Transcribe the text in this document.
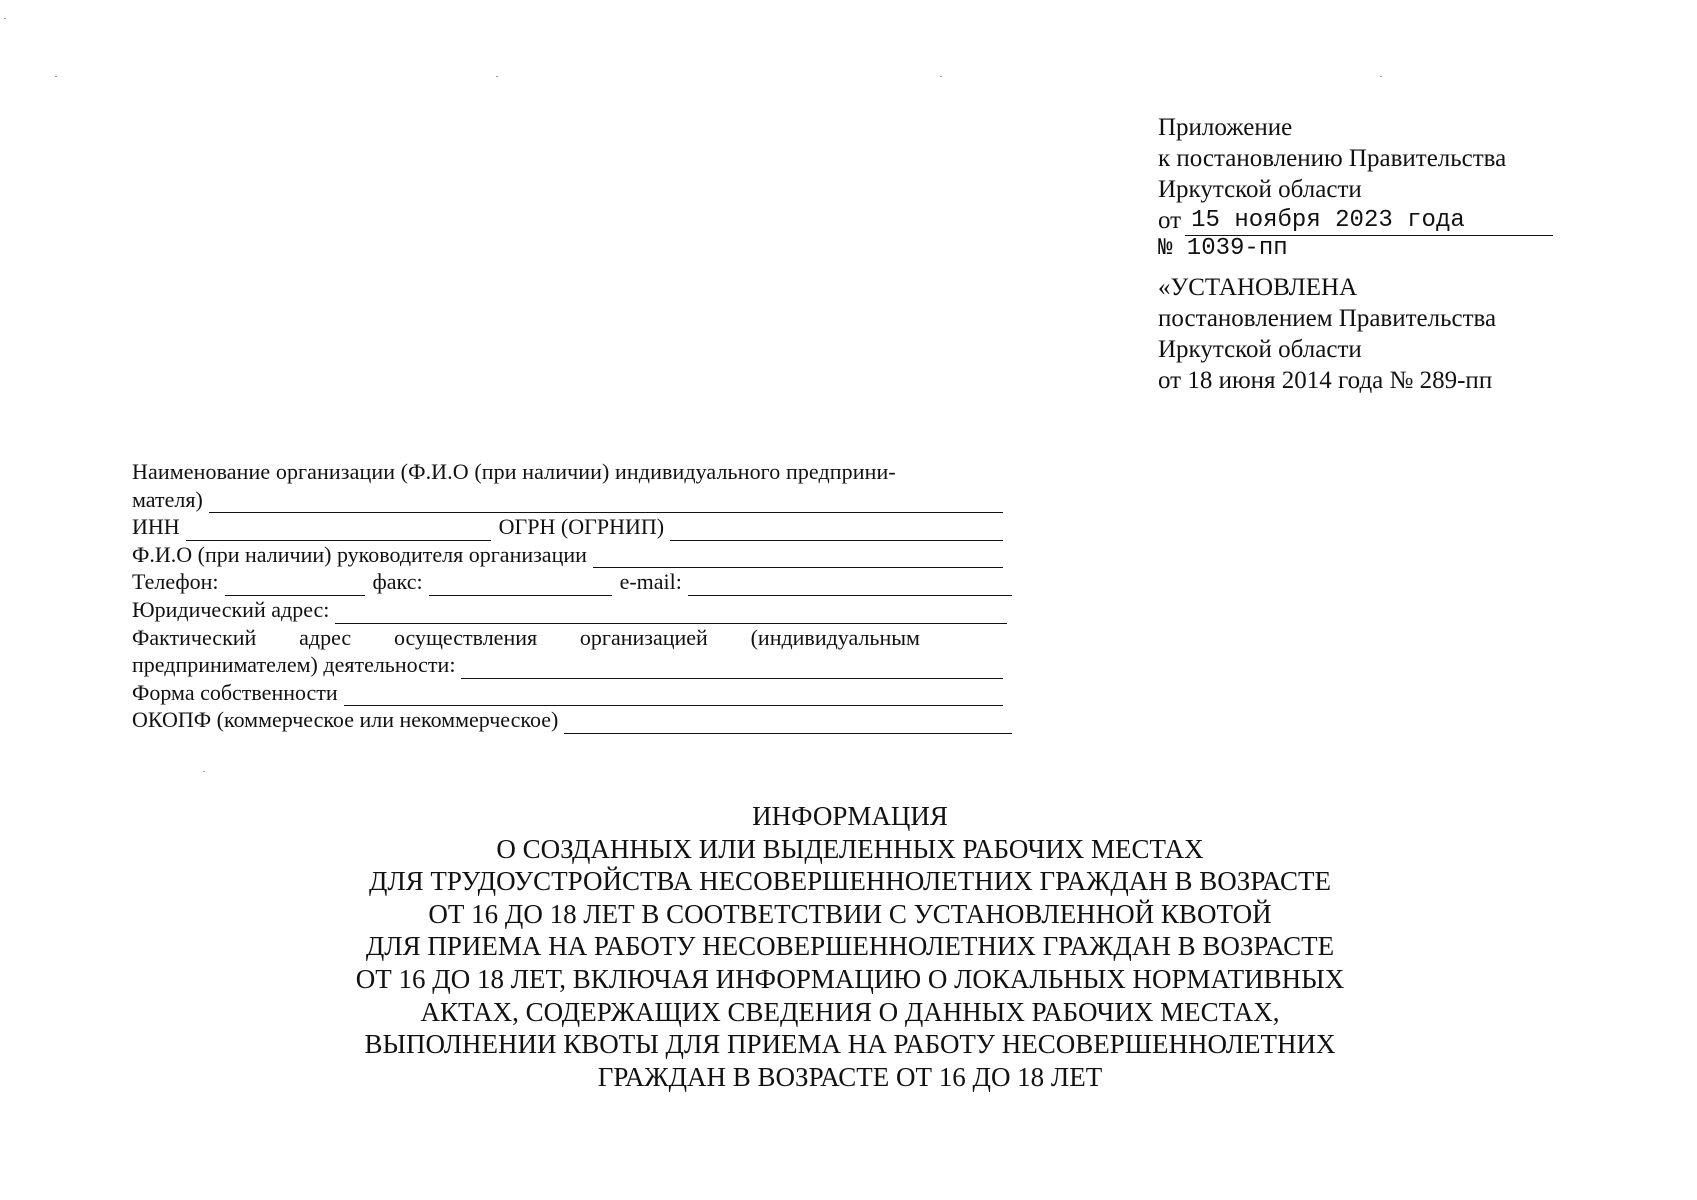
Приложение
к постановлению Правительства
Иркутской области
от 15 ноября 2023 года
№ 1039-пп
«УСТАНОВЛЕНА
постановлением Правительства
Иркутской области
от 18 июня 2014 года № 289-пп
Наименование организации (Ф.И.О (при наличии) индивидуального предприни-
мателя)
ИНН	ОГРН (ОГРНИП)
Ф.И.О (при наличии) руководителя организации
Телефон:	факс:	e-mail:
Юридический адрес:
Фактический адрес осуществления организацией (индивидуальным
предпринимателем) деятельности:
Форма собственности
ОКОПФ (коммерческое или некоммерческое)
ИНФОРМАЦИЯ
О СОЗДАННЫХ ИЛИ ВЫДЕЛЕННЫХ РАБОЧИХ МЕСТАХ
ДЛЯ ТРУДОУСТРОЙСТВА НЕСОВЕРШЕННОЛЕТНИХ ГРАЖДАН В ВОЗРАСТЕ
ОТ 16 ДО 18 ЛЕТ В СООТВЕТСТВИИ С УСТАНОВЛЕННОЙ КВОТОЙ
ДЛЯ ПРИЕМА НА РАБОТУ НЕСОВЕРШЕННОЛЕТНИХ ГРАЖДАН В ВОЗРАСТЕ
ОТ 16 ДО 18 ЛЕТ, ВКЛЮЧАЯ ИНФОРМАЦИЮ О ЛОКАЛЬНЫХ НОРМАТИВНЫХ
АКТАХ, СОДЕРЖАЩИХ СВЕДЕНИЯ О ДАННЫХ РАБОЧИХ МЕСТАХ,
ВЫПОЛНЕНИИ КВОТЫ ДЛЯ ПРИЕМА НА РАБОТУ НЕСОВЕРШЕННОЛЕТНИХ
ГРАЖДАН В ВОЗРАСТЕ ОТ 16 ДО 18 ЛЕТ
